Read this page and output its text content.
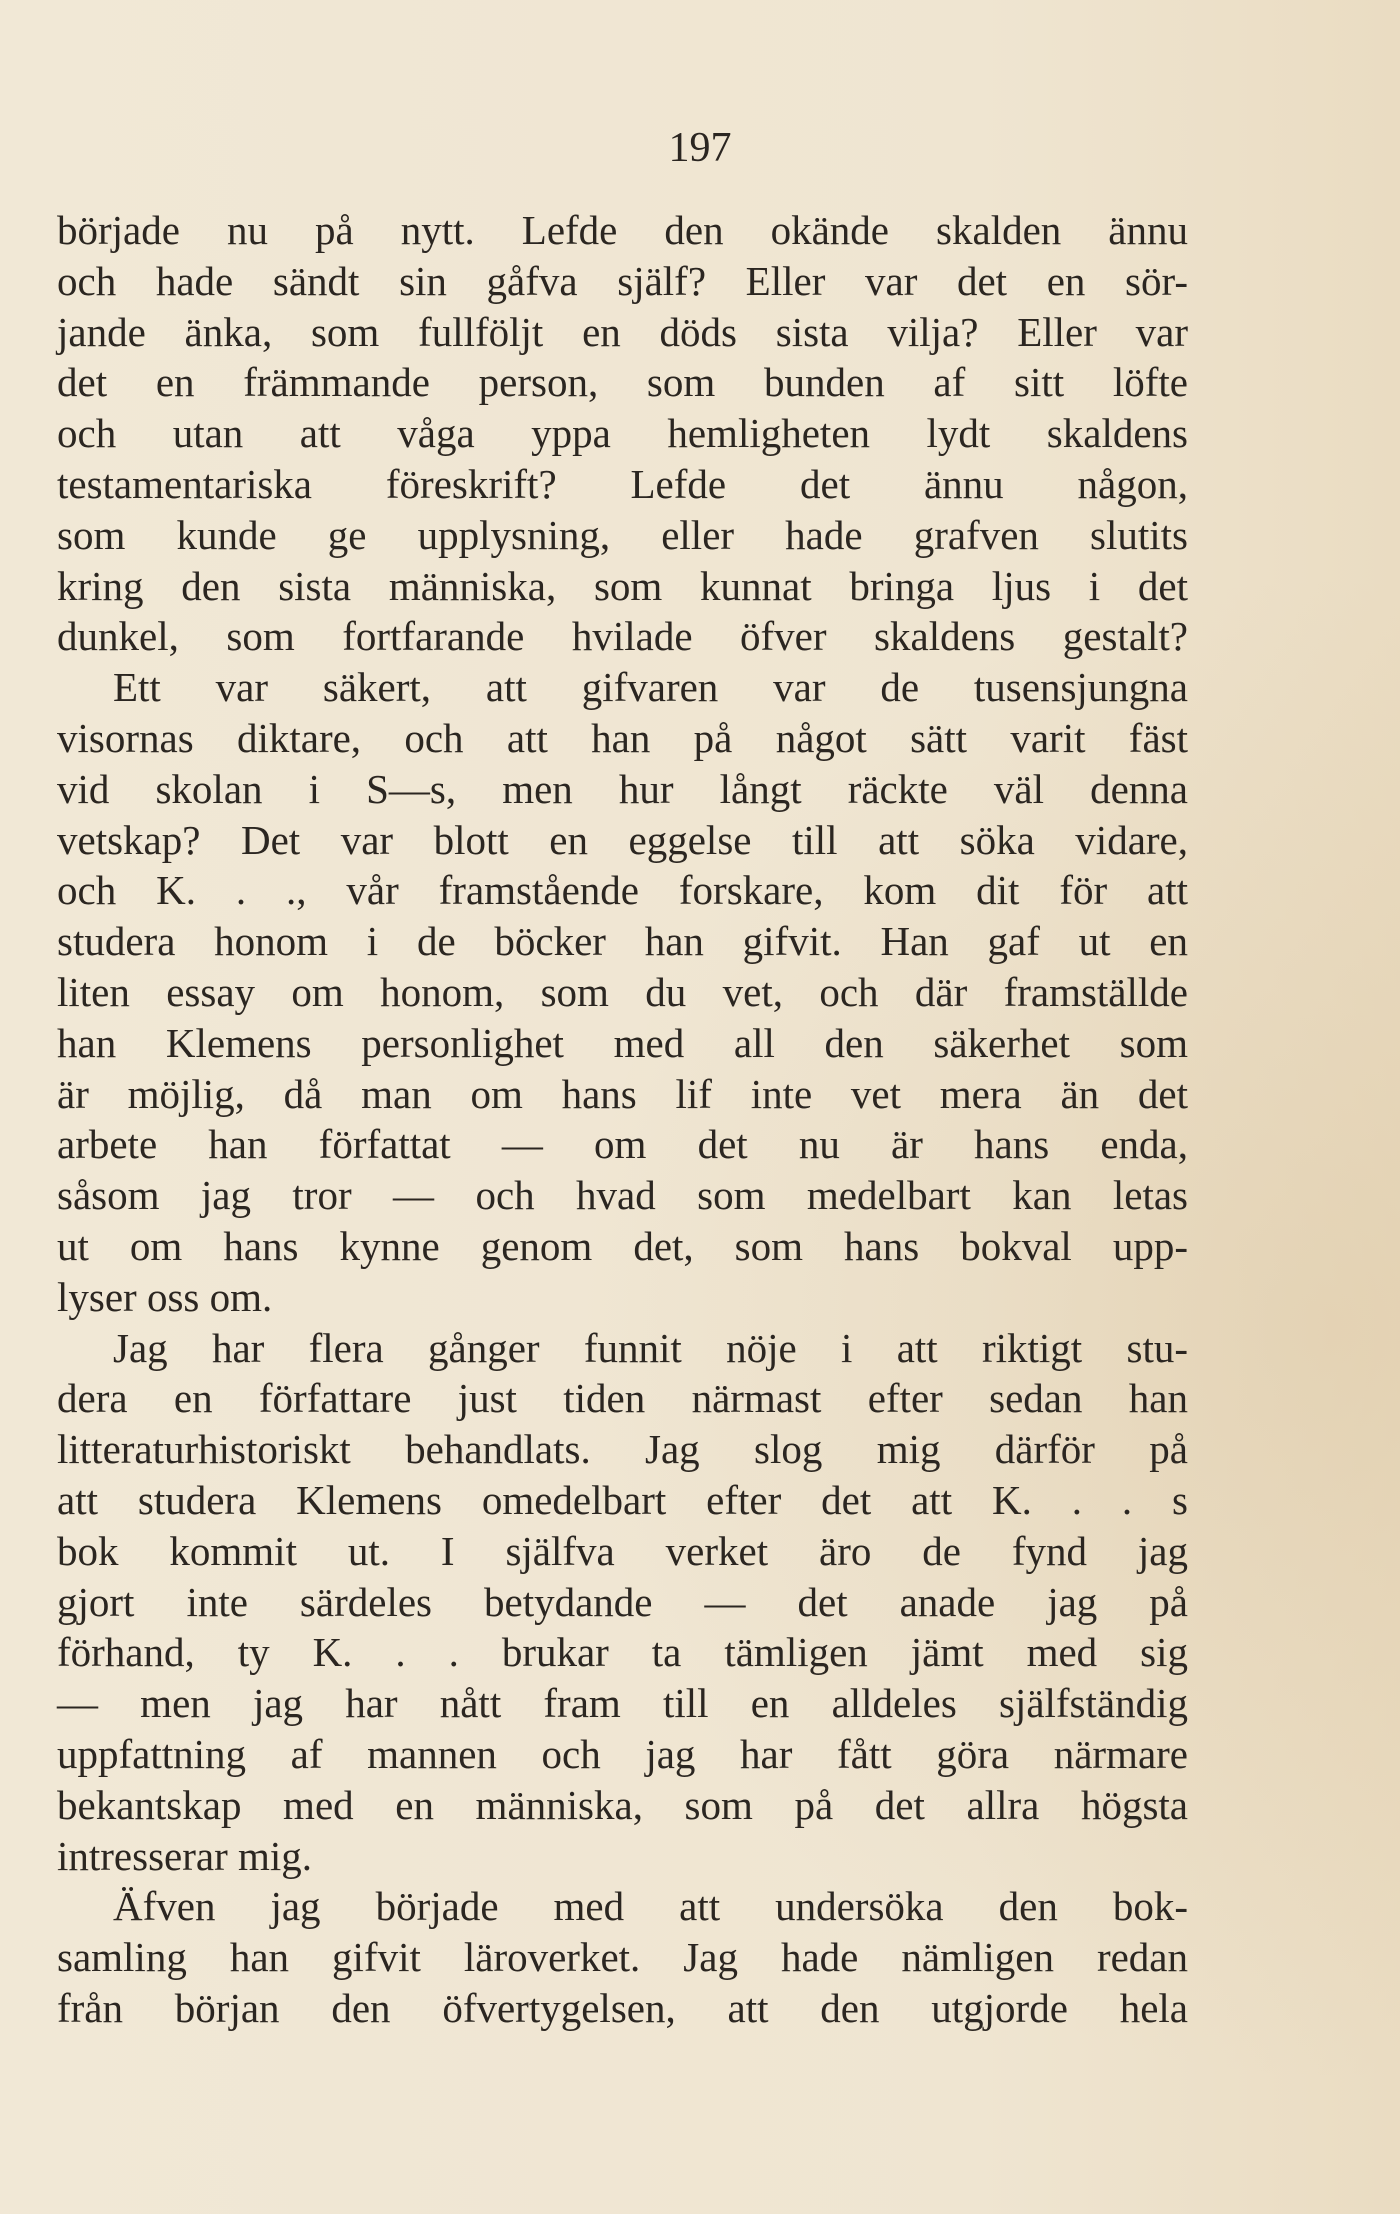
197
började nu på nytt. Lefde den okände skalden ännu
och hade sändt sin gåfva själf? Eller var det en sör-
jande änka, som fullföljt en döds sista vilja? Eller var
det en främmande person, som bunden af sitt löfte
och utan att våga yppa hemligheten lydt skaldens
testamentariska föreskrift? Lefde det ännu någon,
som kunde ge upplysning, eller hade grafven slutits
kring den sista människa, som kunnat bringa ljus i det
dunkel, som fortfarande hvilade öfver skaldens gestalt?
Ett var säkert, att gifvaren var de tusensjungna
visornas diktare, och att han på något sätt varit fäst
vid skolan i S—s, men hur långt räckte väl denna
vetskap? Det var blott en eggelse till att söka vidare,
och K. . ., vår framstående forskare, kom dit för att
studera honom i de böcker han gifvit. Han gaf ut en
liten essay om honom, som du vet, och där framställde
han Klemens personlighet med all den säkerhet som
är möjlig, då man om hans lif inte vet mera än det
arbete han författat — om det nu är hans enda,
såsom jag tror — och hvad som medelbart kan letas
ut om hans kynne genom det, som hans bokval upp-
lyser oss om.
Jag har flera gånger funnit nöje i att riktigt stu-
dera en författare just tiden närmast efter sedan han
litteraturhistoriskt behandlats. Jag slog mig därför på
att studera Klemens omedelbart efter det att K. . . s
bok kommit ut. I själfva verket äro de fynd jag
gjort inte särdeles betydande — det anade jag på
förhand, ty K. . . brukar ta tämligen jämt med sig
— men jag har nått fram till en alldeles själfständig
uppfattning af mannen och jag har fått göra närmare
bekantskap med en människa, som på det allra högsta
intresserar mig.
Äfven jag började med att undersöka den bok-
samling han gifvit läroverket. Jag hade nämligen redan
från början den öfvertygelsen, att den utgjorde hela
